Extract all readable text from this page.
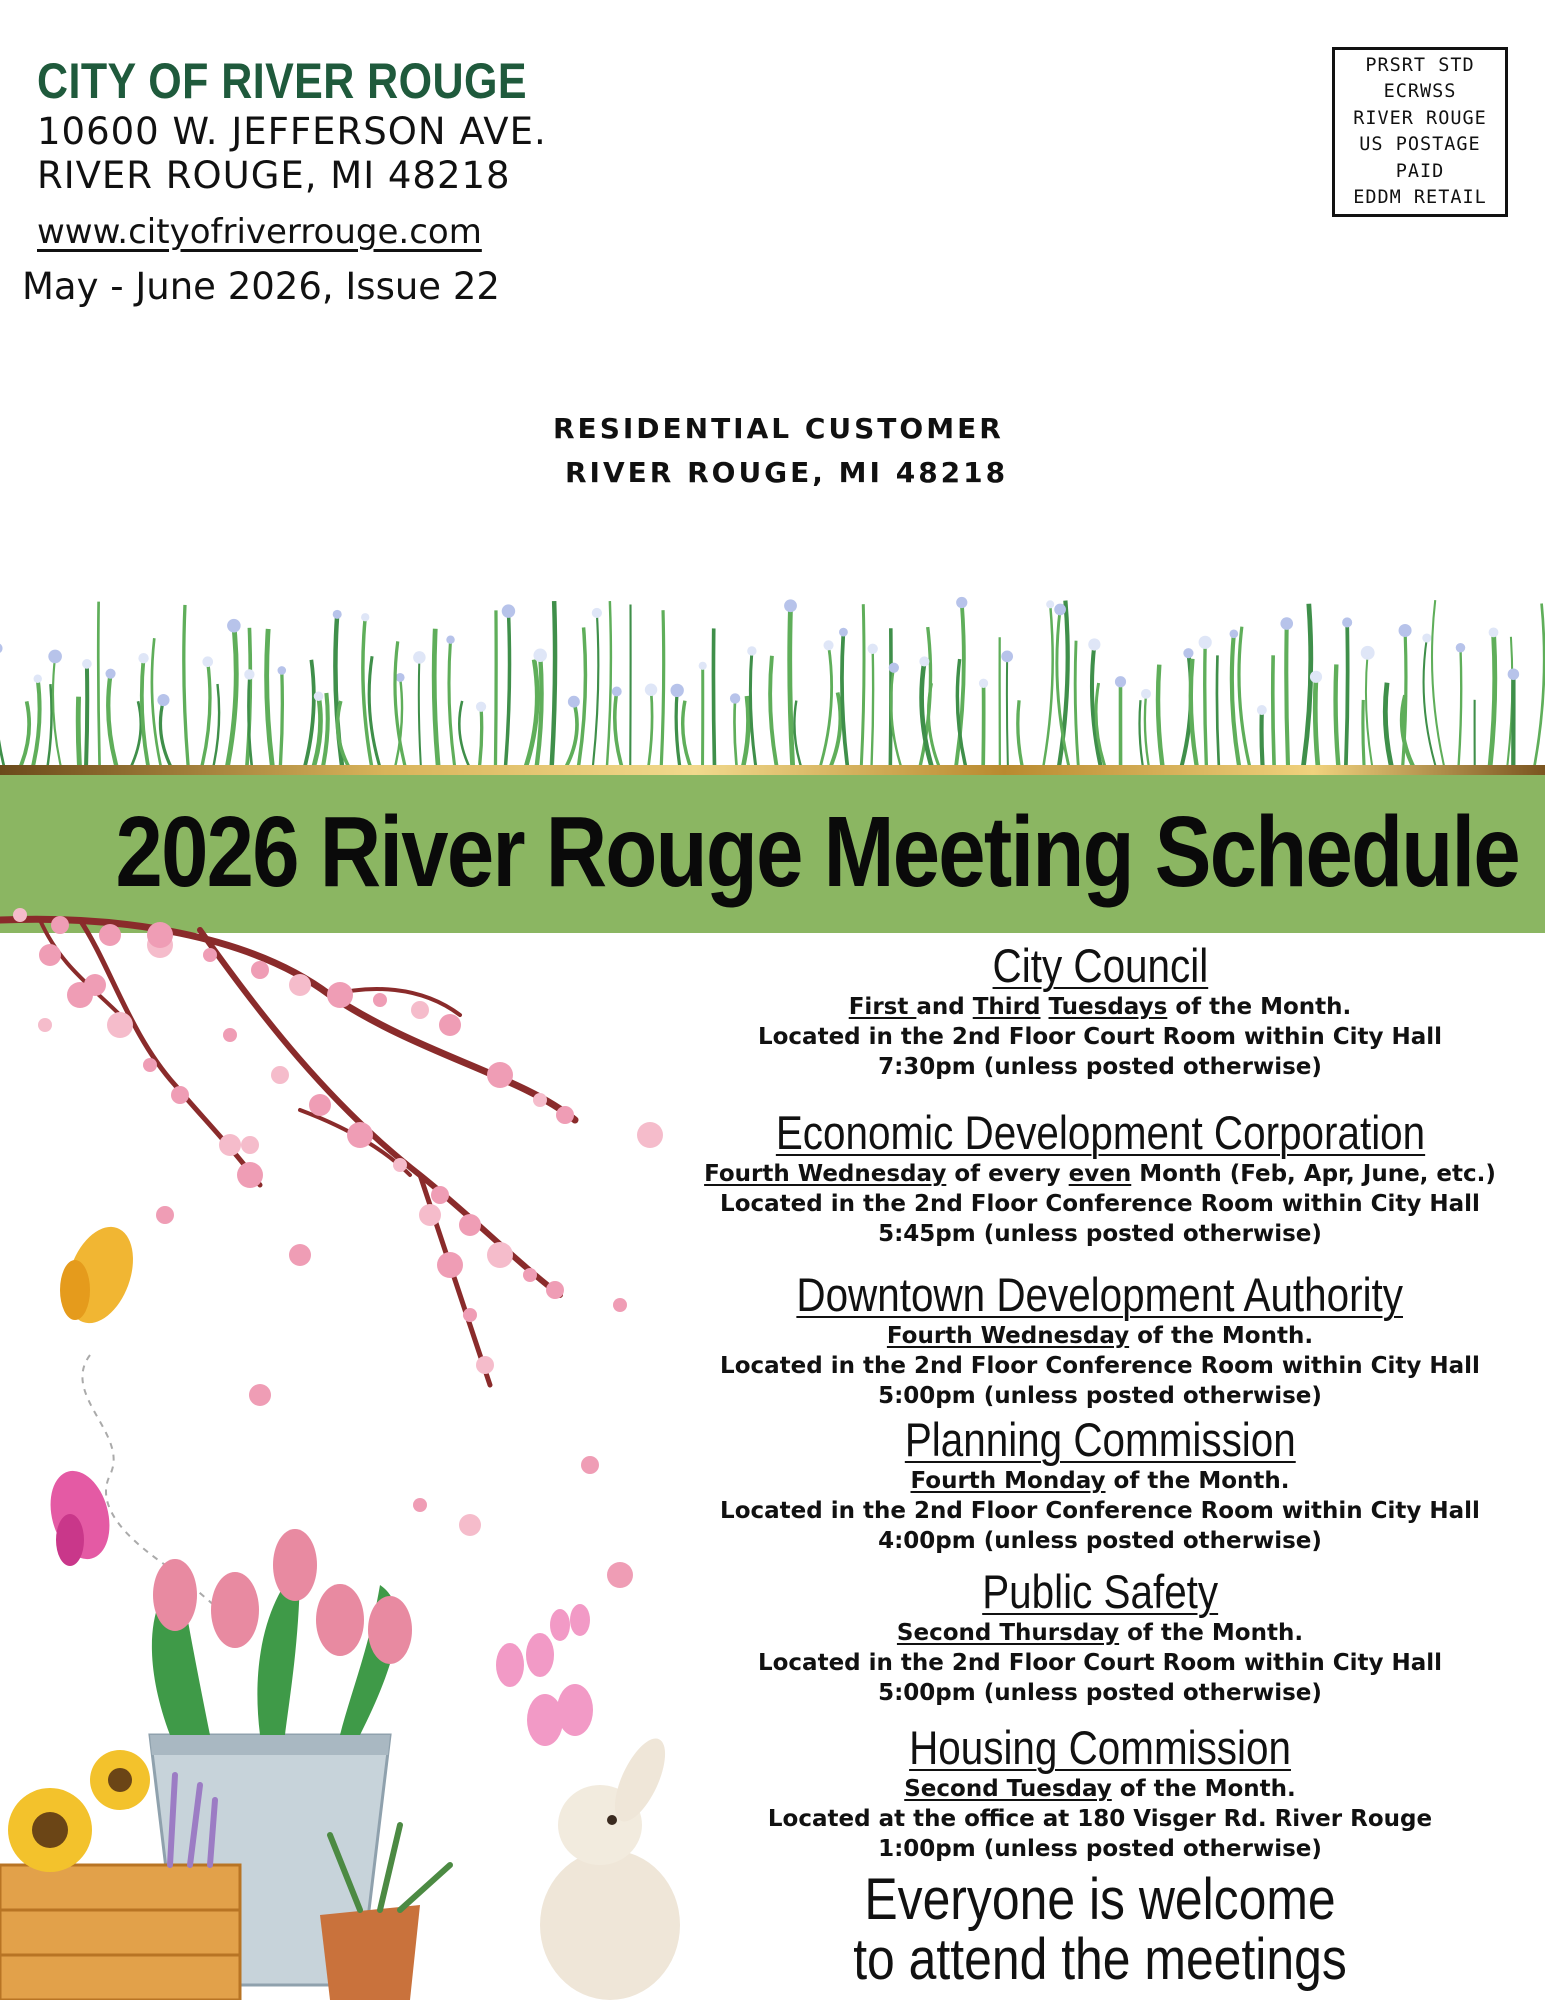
CITY OF RIVER ROUGE
10600 W. JEFFERSON AVE.
RIVER ROUGE, MI 48218
www.cityofriverrouge.com
May - June 2026, Issue 22
PRSRT STD
ECRWSS
RIVER ROUGE
US POSTAGE
PAID
EDDM RETAIL
RESIDENTIAL CUSTOMER
RIVER ROUGE, MI 48218
2026 River Rouge Meeting Schedule
City Council
First and Third Tuesdays of the Month.
Located in the 2nd Floor Court Room within City Hall
7:30pm (unless posted otherwise)
Economic Development Corporation
Fourth Wednesday of every even Month (Feb, Apr, June, etc.)
Located in the 2nd Floor Conference Room within City Hall
5:45pm (unless posted otherwise)
Downtown Development Authority
Fourth Wednesday of the Month.
Located in the 2nd Floor Conference Room within City Hall
5:00pm (unless posted otherwise)
Planning Commission
Fourth Monday of the Month.
Located in the 2nd Floor Conference Room within City Hall
4:00pm (unless posted otherwise)
Public Safety
Second Thursday of the Month.
Located in the 2nd Floor Court Room within City Hall
5:00pm (unless posted otherwise)
Housing Commission
Second Tuesday of the Month.
Located at the office at 180 Visger Rd. River Rouge
1:00pm (unless posted otherwise)
Everyone is welcome
to attend the meetings
